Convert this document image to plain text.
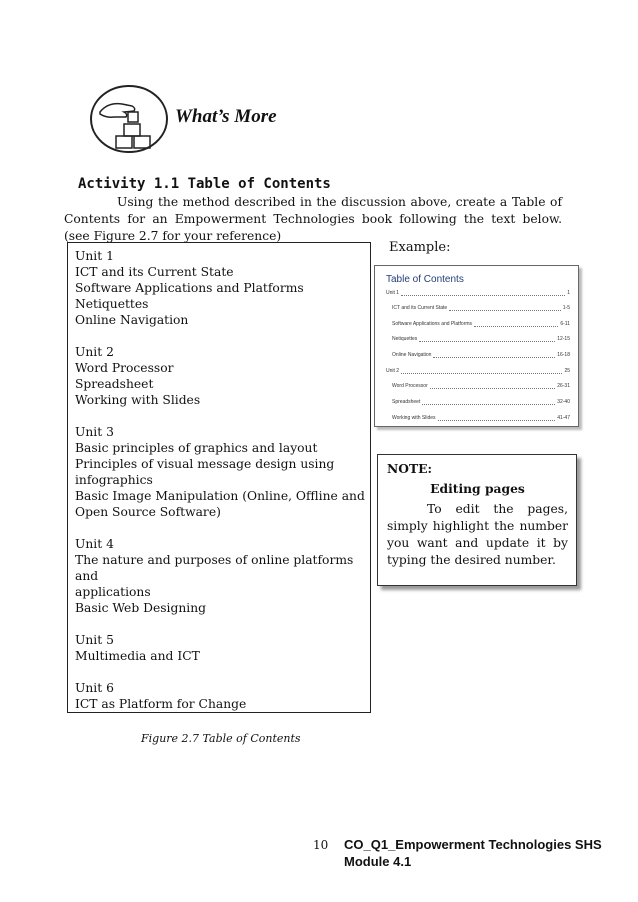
What’s More
Activity 1.1 Table of Contents
Using the method described in the discussion above, create a Table of Contents for an Empowerment Technologies book following the text below. (see Figure 2.7 for your reference)
Unit 1
ICT and its Current State
Software Applications and Platforms
Netiquettes
Online Navigation
Unit 2
Word Processor
Spreadsheet
Working with Slides
Unit 3
Basic principles of graphics and layout
Principles of visual message design using
infographics
Basic Image Manipulation (Online, Offline and
Open Source Software)
Unit 4
The nature and purposes of online platforms and
applications
Basic Web Designing
Unit 5
Multimedia and ICT
Unit 6
ICT as Platform for Change
Example:
Table of Contents
Unit 1	1
ICT and its Current State	1-5
Software Applications and Platforms	6-11
Netiquettes	12-15
Online Navigation	16-18
Unit 2	25
Word Processor	26-31
Spreadsheet	32-40
Working with Slides	41-47
NOTE:
Editing pages
To edit the pages, simply highlight the number you want and update it by typing the desired number.
Figure 2.7 Table of Contents
10 CO_Q1_Empowerment Technologies SHS
Module 4.1
